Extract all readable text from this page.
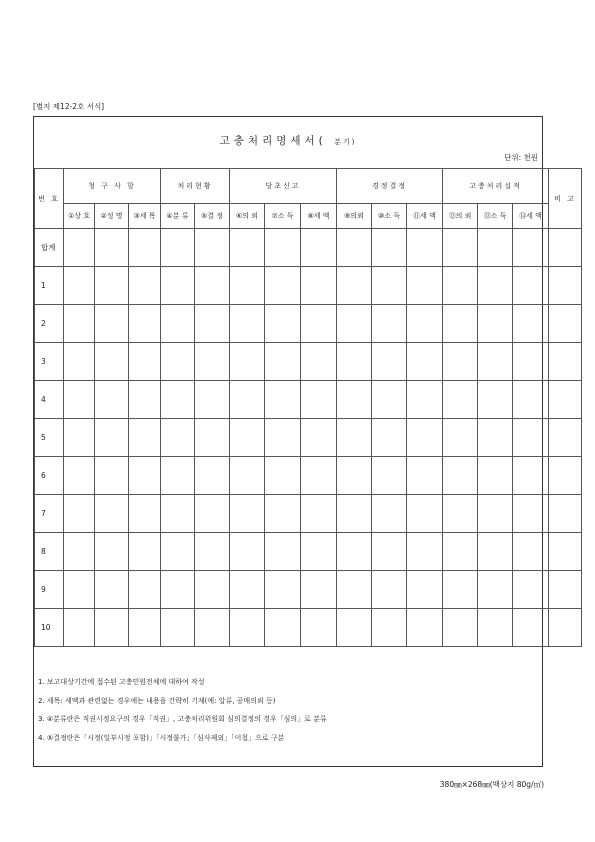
[별지 제12-2호 서식]
고충처리명세서( 분기)
단위: 천원
번 호	청 구 사 항			처리현황		당초신고			경정결정			고충처리실적			비 고
	①상 호	②성 명	③세 목	④분 류	⑤결 정	⑥의 뢰	⑦소 득	⑧세 액	⑨의뢰	⑩소 득	⑪세 액	⑫의 뢰	⑬소 득	⑭세 액	
합계															
1															
2															
3															
4															
5															
6															
7															
8															
9															
10															
1. 보고대상기간에 접수된 고충민원전체에 대하여 작성
2. 세목: 세액과 관련없는 경우에는 내용을 간략히 기재(예: 압류, 공매의뢰 등)
3. ④분류란은 직권시정요구의 경우「직권」, 고충처리위원회 심의결정의 경우「심의」로 분류
4. ⑤결정란은「시정(일부시정 포함)」「시정불가」「심사제외」「이첩」으로 구분
380㎜×268㎜(백상지 80g/㎡)
